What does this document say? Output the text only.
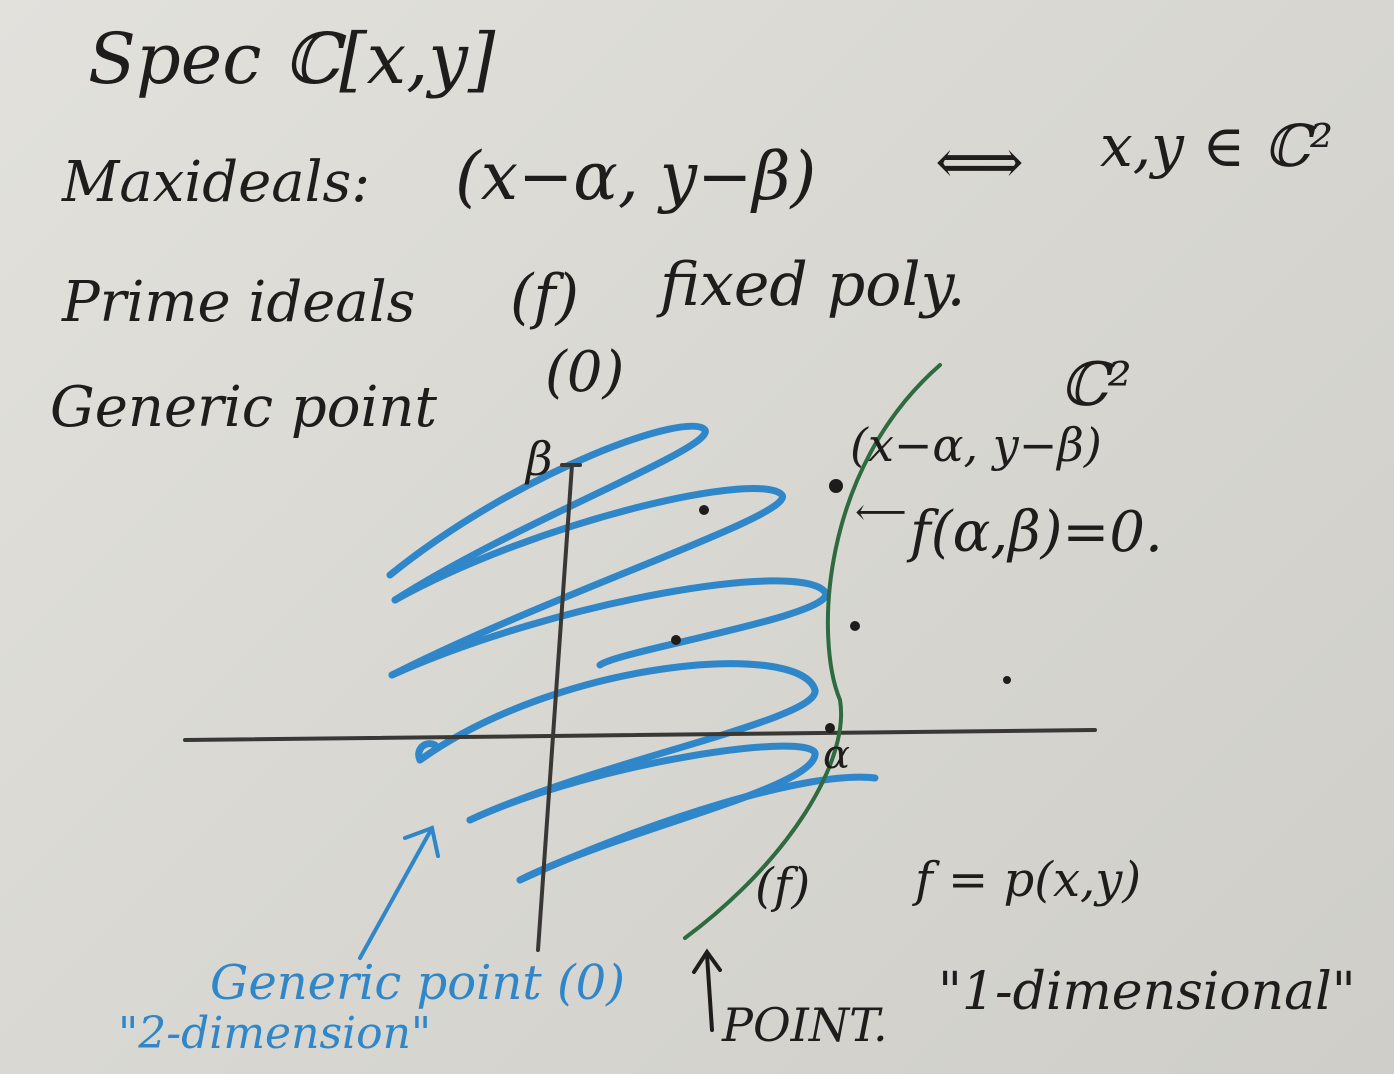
Spec ℂ[x,y]
Maxideals: (x−α, y−β) ⟺ x,y ∈ ℂ²
Prime ideals (f) fixed poly.
Generic point
(0)	ℂ²
β
α
(x−α, y−β)
⟵ f(α,β)=0.
(f) f = p(x,y)
Generic point (0)
"2-dimension"	POINT.
"1-dimensional"
